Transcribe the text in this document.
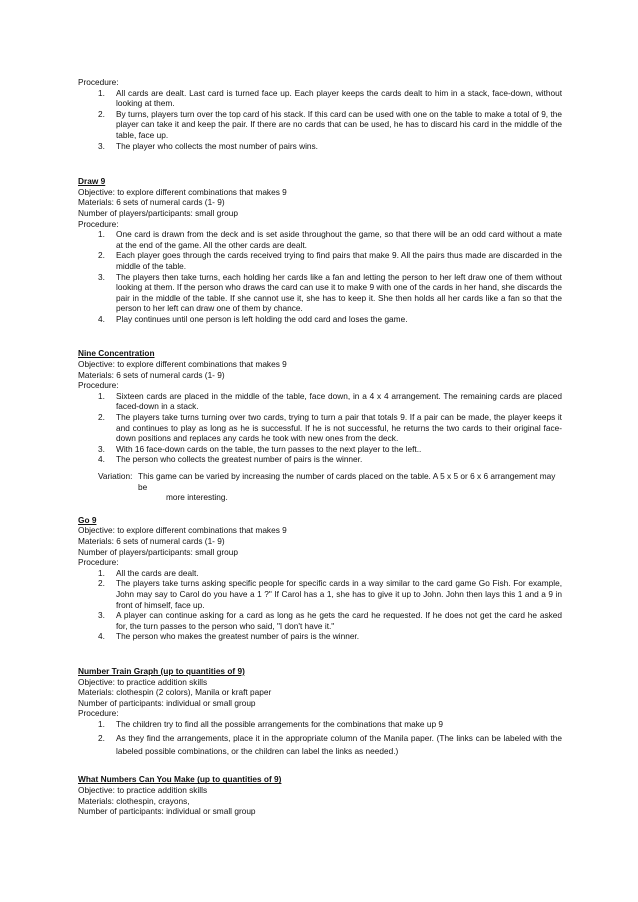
Procedure:
1.	All cards are dealt. Last card is turned face up. Each player keeps the cards dealt to him in a stack, face-down, without looking at them.
2.	By turns, players turn over the top card of his stack. If this card can be used with one on the table to make a total of 9, the player can take it and keep the pair. If there are no cards that can be used, he has to discard his card in the middle of the table, face up.
3.	The player who collects the most number of pairs wins.
Draw 9
Objective: to explore different combinations that makes 9
Materials: 6 sets of numeral cards (1- 9)
Number of players/participants: small group
Procedure:
1.	One card is drawn from the deck and is set aside throughout the game, so that there will be an odd card without a mate at the end of the game. All the other cards are dealt.
2.	Each player goes through the cards received trying to find pairs that make 9. All the pairs thus made are discarded in the middle of the table.
3.	The players then take turns, each holding her cards like a fan and letting the person to her left draw one of them without looking at them. If the person who draws the card can use it to make 9 with one of the cards in her hand, she discards the pair in the middle of the table. If she cannot use it, she has to keep it. She then holds all her cards like a fan so that the person to her left can draw one of them by chance.
4.	Play continues until one person is left holding the odd card and loses the game.
Nine Concentration
Objective: to explore different combinations that makes 9
Materials: 6 sets of numeral cards (1- 9)
Procedure:
1.	Sixteen cards are placed in the middle of the table, face down, in a 4 x 4 arrangement. The remaining cards are placed faced-down in a stack.
2.	The players take turns turning over two cards, trying to turn a pair that totals 9. If a pair can be made, the player keeps it and continues to play as long as he is successful. If he is not successful, he returns the two cards to their original face-down positions and replaces any cards he took with new ones from the deck.
3.	With 16 face-down cards on the table, the turn passes to the next player to the left..
4.	The person who collects the greatest number of pairs is the winner.
Variation: This game can be varied by increasing the number of cards placed on the table. A 5 x 5 or 6 x 6 arrangement may be
more interesting.
Go 9
Objective: to explore different combinations that makes 9
Materials: 6 sets of numeral cards (1- 9)
Number of players/participants: small group
Procedure:
1.	All the cards are dealt.
2.	The players take turns asking specific people for specific cards in a way similar to the card game Go Fish. For example, John may say to Carol do you have a 1 ?" If Carol has a 1, she has to give it up to John. John then lays this 1 and a 9 in front of himself, face up.
3.	A player can continue asking for a card as long as he gets the card he requested. If he does not get the card he asked for, the turn passes to the person who said, "I don't have it."
4.	The person who makes the greatest number of pairs is the winner.
Number Train Graph (up to quantities of 9)
Objective: to practice addition skills
Materials: clothespin (2 colors), Manila or kraft paper
Number of participants: individual or small group
Procedure:
1.	The children try to find all the possible arrangements for the combinations that make up 9
2.	As they find the arrangements, place it in the appropriate column of the Manila paper. (The links can be labeled with the labeled possible combinations, or the children can label the links as needed.)
What Numbers Can You Make (up to quantities of 9)
Objective: to practice addition skills
Materials: clothespin, crayons,
Number of participants: individual or small group
